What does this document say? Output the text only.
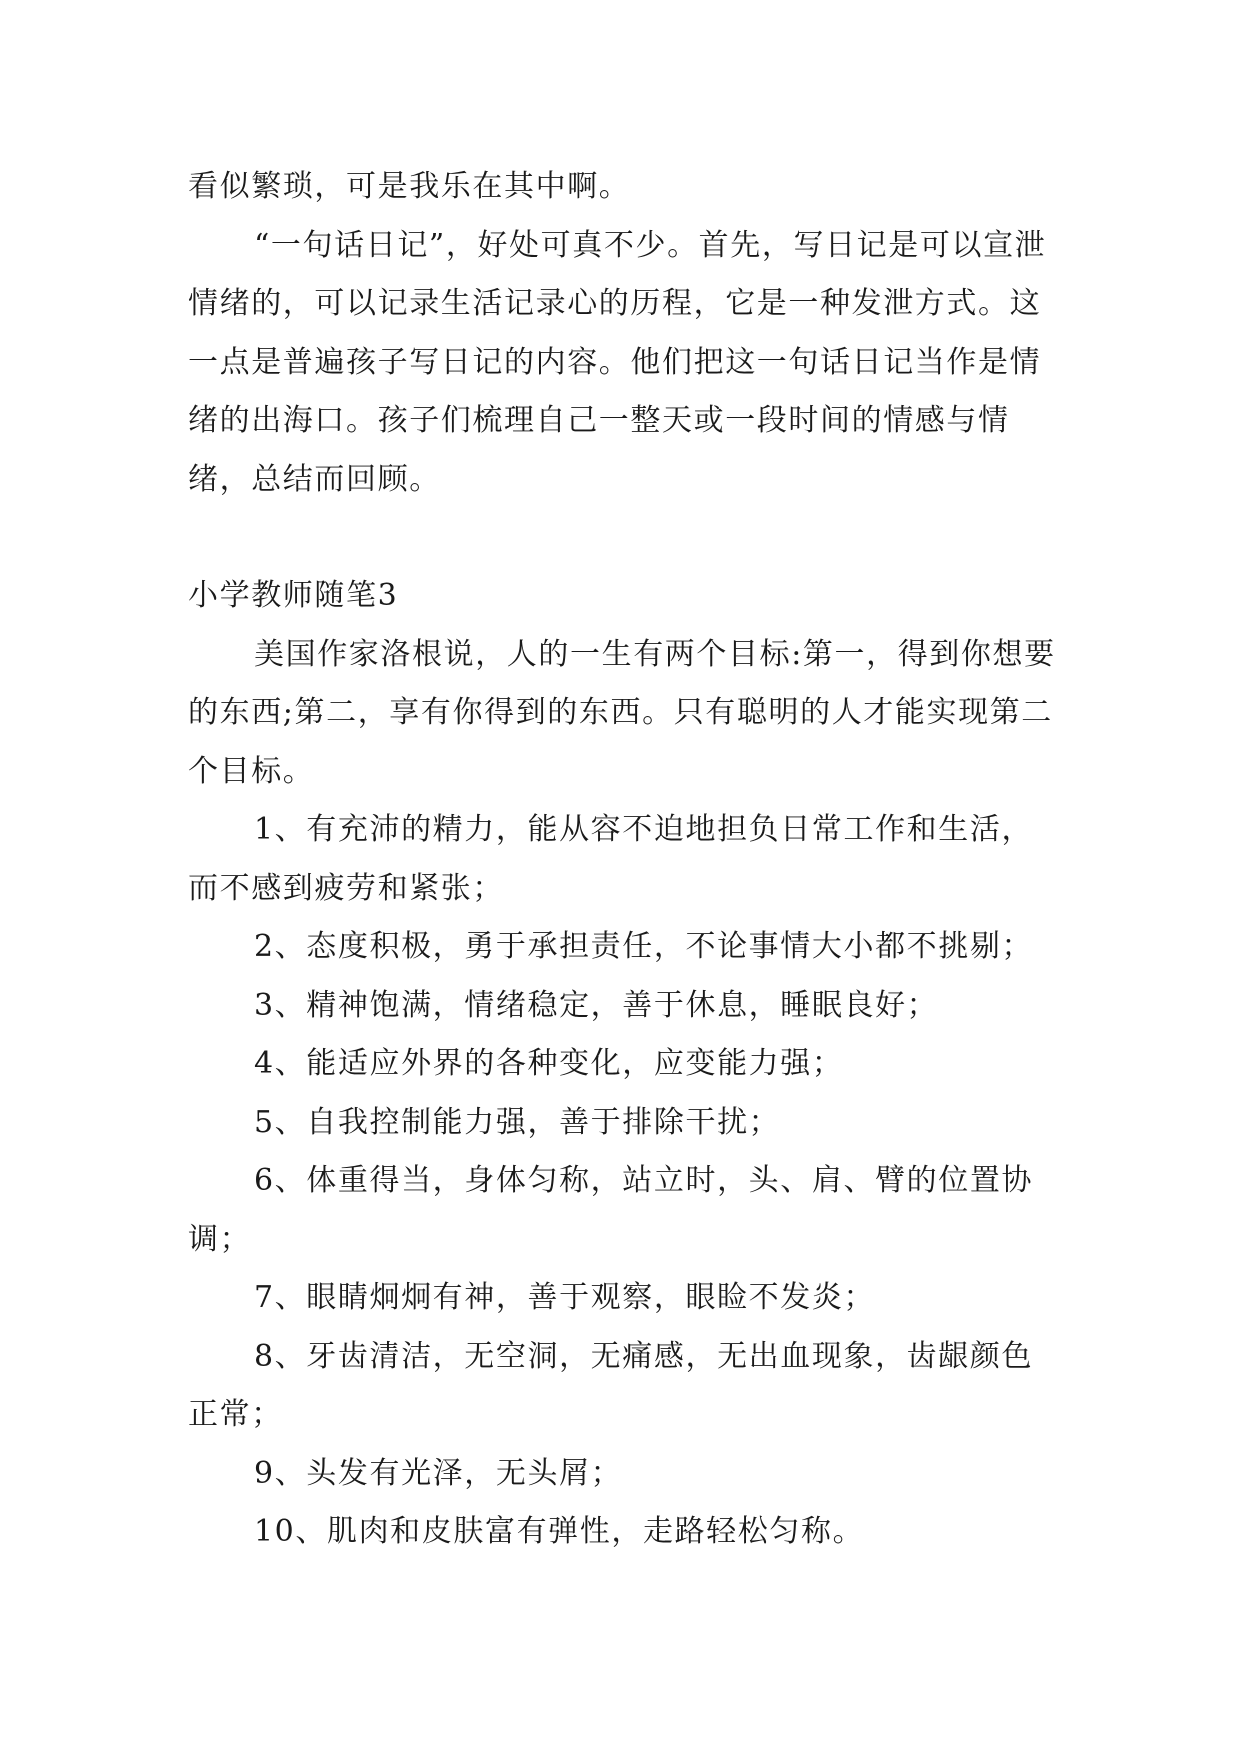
看似繁琐，可是我乐在其中啊。

“一句话日记”，好处可真不少。首先，写日记是可以宣泄情绪的，可以记录生活记录心的历程，它是一种发泄方式。这一点是普遍孩子写日记的内容。他们把这一句话日记当作是情绪的出海口。孩子们梳理自己一整天或一段时间的情感与情绪，总结而回顾。

小学教师随笔3

美国作家洛根说，人的一生有两个目标:第一，得到你想要的东西;第二，享有你得到的东西。只有聪明的人才能实现第二个目标。

1、有充沛的精力，能从容不迫地担负日常工作和生活，而不感到疲劳和紧张；

2、态度积极，勇于承担责任，不论事情大小都不挑剔；

3、精神饱满，情绪稳定，善于休息，睡眠良好；

4、能适应外界的各种变化，应变能力强；

5、自我控制能力强，善于排除干扰；

6、体重得当，身体匀称，站立时，头、肩、臂的位置协调；

7、眼睛炯炯有神，善于观察，眼睑不发炎；

8、牙齿清洁，无空洞，无痛感，无出血现象，齿龈颜色正常；

9、头发有光泽，无头屑；

10、肌肉和皮肤富有弹性，走路轻松匀称。
